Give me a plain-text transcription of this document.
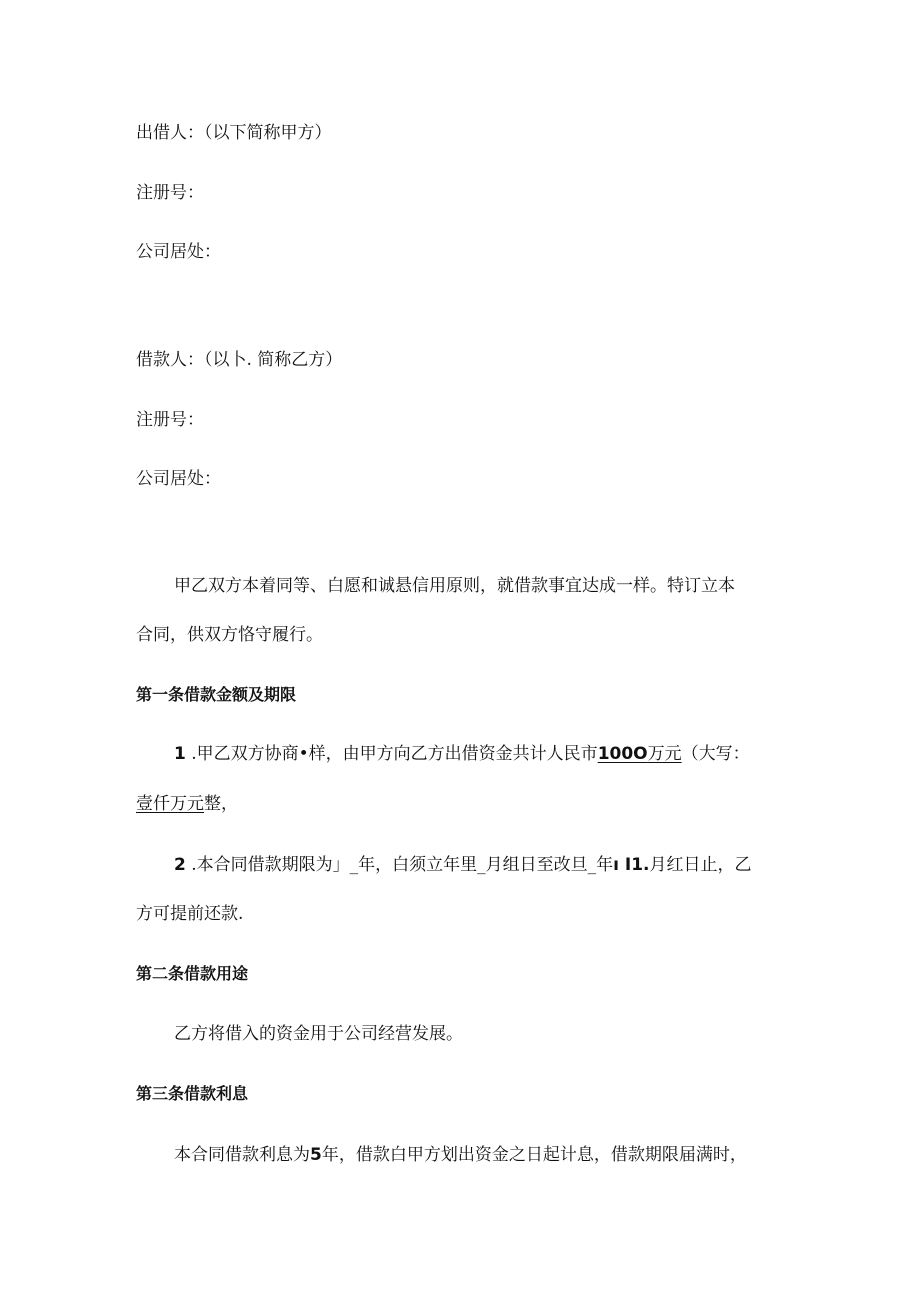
出借人：（以下简称甲方）
注册号：
公司居处：
借款人：（以卜. 简称乙方）
注册号：
公司居处：
甲乙双方本着同等、白愿和诚悬信用原则，就借款事宜达成一样。特订立本
合同，供双方恪守履行。
第一条借款金额及期限
1 .甲乙双方协商•样，由甲方向乙方出借资金共计人民市100O万元（大写：
壹仟万元整，
2 .本合同借款期限为」_年，白须立年里_月组日至改旦_年ı I1.月红日止，乙
方可提前还款.
第二条借款用途
乙方将借入的资金用于公司经营发展。
第三条借款利息
本合同借款利息为5年，借款白甲方划出资金之日起计息，借款期限届满时，
